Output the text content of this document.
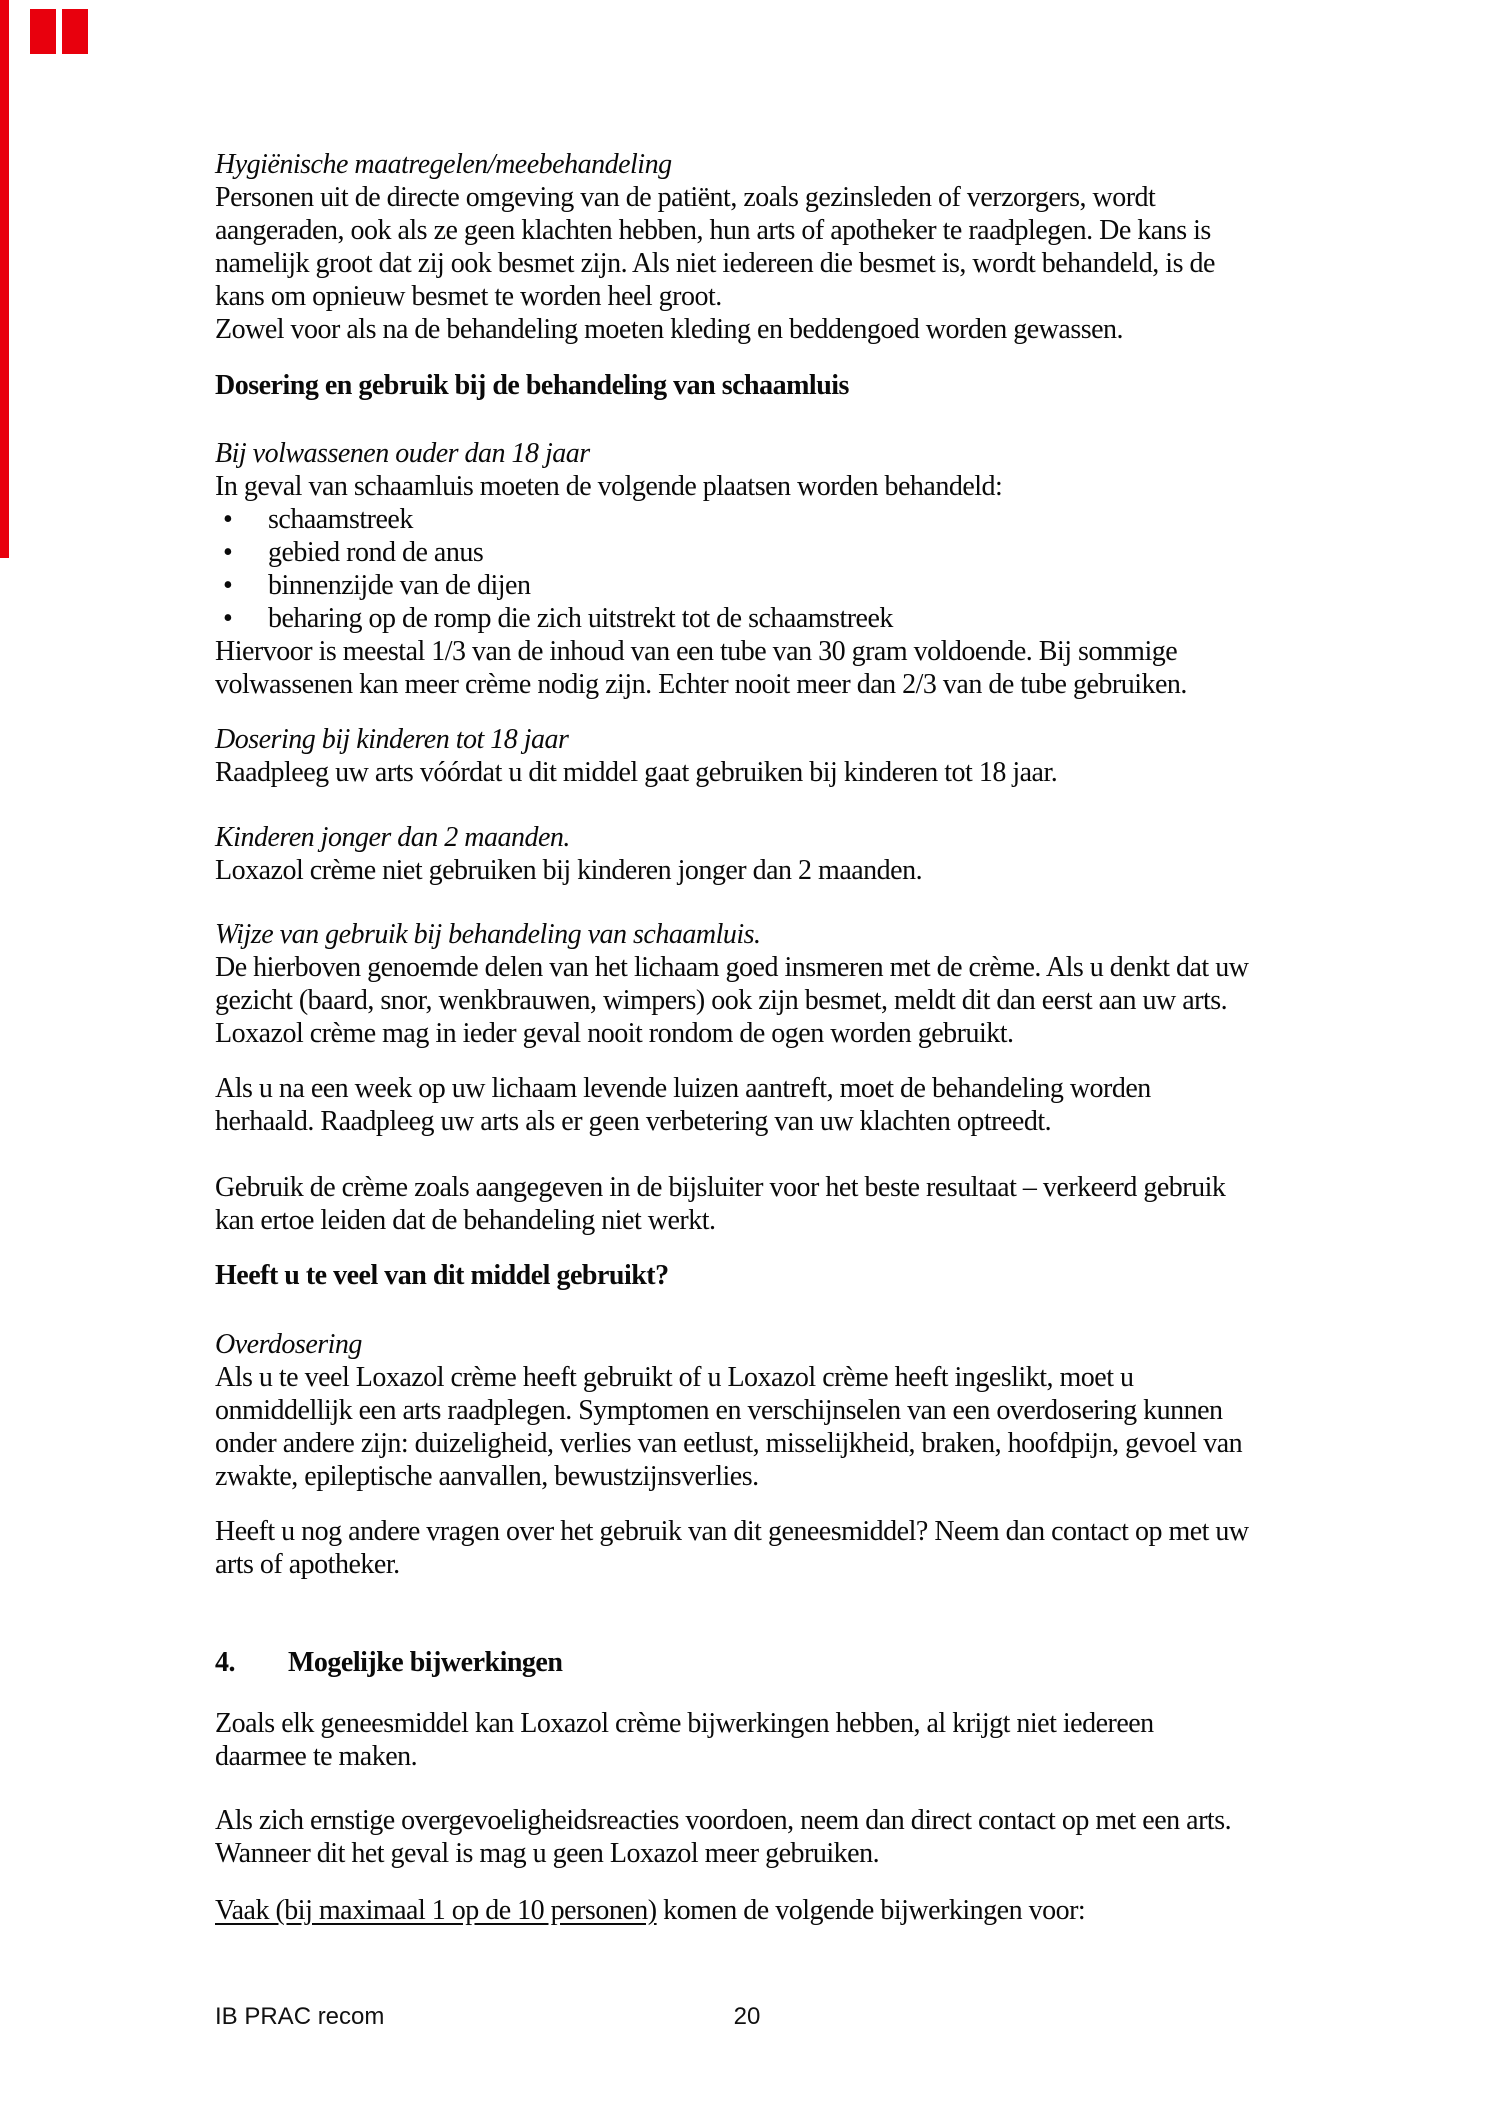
Hygiënische maatregelen/meebehandeling
Personen uit de directe omgeving van de patiënt, zoals gezinsleden of verzorgers, wordt
aangeraden, ook als ze geen klachten hebben, hun arts of apotheker te raadplegen. De kans is
namelijk groot dat zij ook besmet zijn. Als niet iedereen die besmet is, wordt behandeld, is de
kans om opnieuw besmet te worden heel groot.
Zowel voor als na de behandeling moeten kleding en beddengoed worden gewassen.
Dosering en gebruik bij de behandeling van schaamluis
Bij volwassenen ouder dan 18 jaar
In geval van schaamluis moeten de volgende plaatsen worden behandeld:
• schaamstreek
• gebied rond de anus
• binnenzijde van de dijen
• beharing op de romp die zich uitstrekt tot de schaamstreek
Hiervoor is meestal 1/3 van de inhoud van een tube van 30 gram voldoende. Bij sommige
volwassenen kan meer crème nodig zijn. Echter nooit meer dan 2/3 van de tube gebruiken.
Dosering bij kinderen tot 18 jaar
Raadpleeg uw arts vóórdat u dit middel gaat gebruiken bij kinderen tot 18 jaar.
Kinderen jonger dan 2 maanden.
Loxazol crème niet gebruiken bij kinderen jonger dan 2 maanden.
Wijze van gebruik bij behandeling van schaamluis.
De hierboven genoemde delen van het lichaam goed insmeren met de crème. Als u denkt dat uw
gezicht (baard, snor, wenkbrauwen, wimpers) ook zijn besmet, meldt dit dan eerst aan uw arts.
Loxazol crème mag in ieder geval nooit rondom de ogen worden gebruikt.
Als u na een week op uw lichaam levende luizen aantreft, moet de behandeling worden
herhaald. Raadpleeg uw arts als er geen verbetering van uw klachten optreedt.
Gebruik de crème zoals aangegeven in de bijsluiter voor het beste resultaat – verkeerd gebruik
kan ertoe leiden dat de behandeling niet werkt.
Heeft u te veel van dit middel gebruikt?
Overdosering
Als u te veel Loxazol crème heeft gebruikt of u Loxazol crème heeft ingeslikt, moet u
onmiddellijk een arts raadplegen. Symptomen en verschijnselen van een overdosering kunnen
onder andere zijn: duizeligheid, verlies van eetlust, misselijkheid, braken, hoofdpijn, gevoel van
zwakte, epileptische aanvallen, bewustzijnsverlies.
Heeft u nog andere vragen over het gebruik van dit geneesmiddel? Neem dan contact op met uw
arts of apotheker.
4. Mogelijke bijwerkingen
Zoals elk geneesmiddel kan Loxazol crème bijwerkingen hebben, al krijgt niet iedereen
daarmee te maken.
Als zich ernstige overgevoeligheidsreacties voordoen, neem dan direct contact op met een arts.
Wanneer dit het geval is mag u geen Loxazol meer gebruiken.
Vaak (bij maximaal 1 op de 10 personen) komen de volgende bijwerkingen voor:
IB PRAC recom	20
